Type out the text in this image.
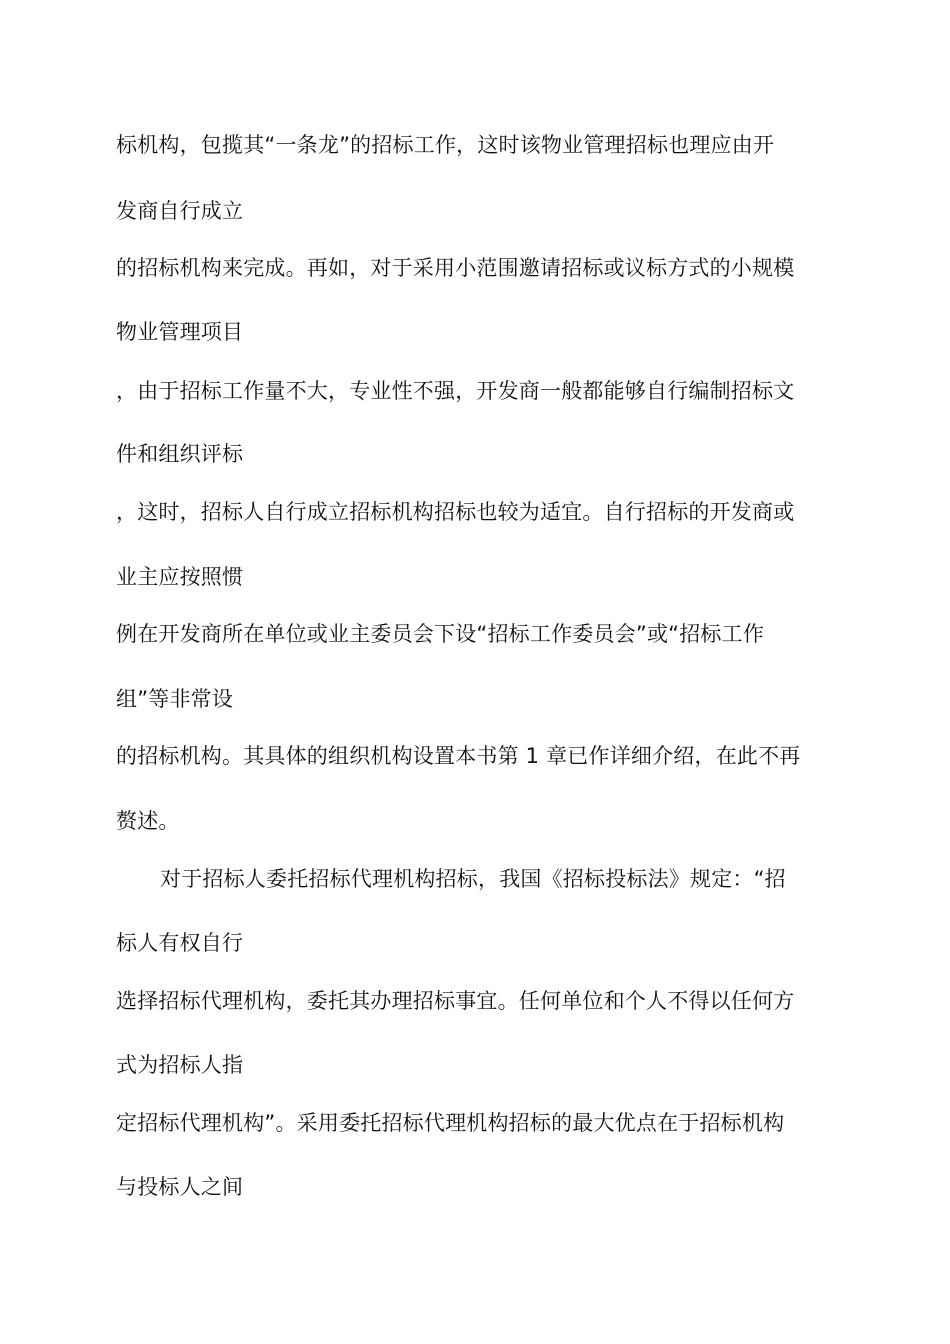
标机构，包揽其“一条龙”的招标工作，这时该物业管理招标也理应由开
发商自行成立
的招标机构来完成。再如，对于采用小范围邀请招标或议标方式的小规模
物业管理项目
，由于招标工作量不大，专业性不强，开发商一般都能够自行编制招标文
件和组织评标
，这时，招标人自行成立招标机构招标也较为适宜。自行招标的开发商或
业主应按照惯
例在开发商所在单位或业主委员会下设“招标工作委员会”或“招标工作
组”等非常设
的招标机构。其具体的组织机构设置本书第 1 章已作详细介绍，在此不再
赘述。
对于招标人委托招标代理机构招标，我国《招标投标法》规定：“招
标人有权自行
选择招标代理机构，委托其办理招标事宜。任何单位和个人不得以任何方
式为招标人指
定招标代理机构”。采用委托招标代理机构招标的最大优点在于招标机构
与投标人之间
